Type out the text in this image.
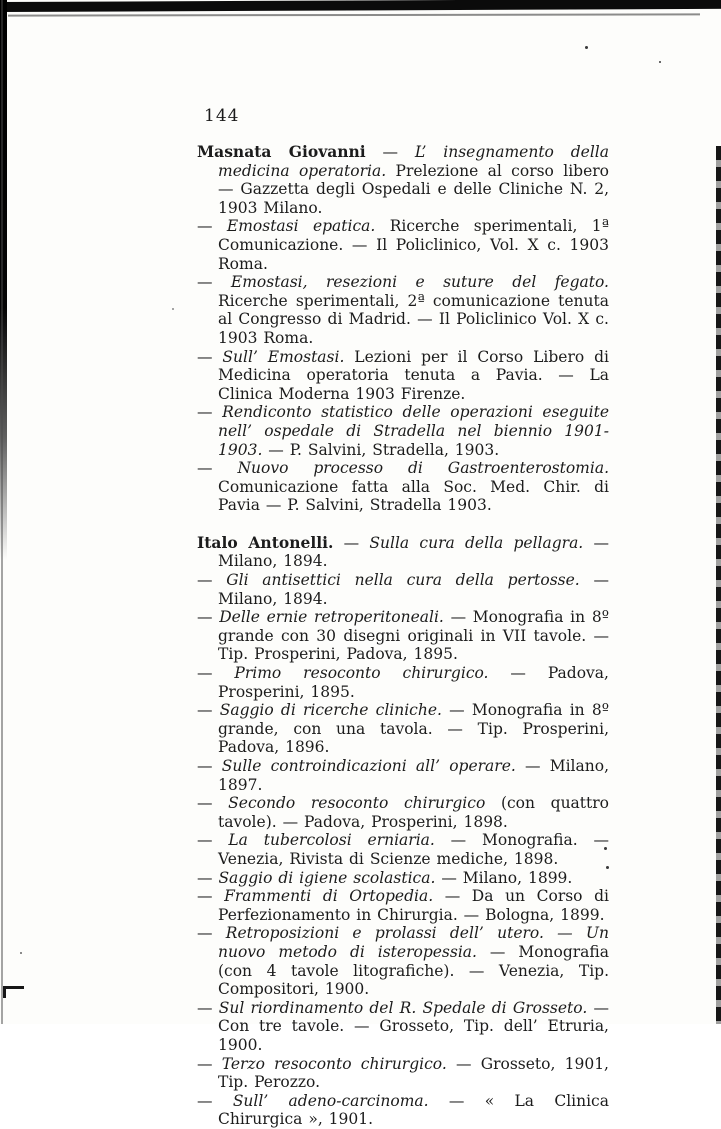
144

Masnata Giovanni — L’ insegnamento della medicina operatoria. Prelezione al corso libero — Gazzetta degli Ospedali e delle Cliniche N. 2, 1903 Milano.

— Emostasi epatica. Ricerche sperimentali, 1ª Comunicazione. — Il Policlinico, Vol. X c. 1903 Roma.

— Emostasi, resezioni e suture del fegato. Ricerche sperimentali, 2ª comunicazione tenuta al Congresso di Madrid. — Il Policlinico Vol. X c. 1903 Roma.

— Sull’ Emostasi. Lezioni per il Corso Libero di Medicina operatoria tenuta a Pavia. — La Clinica Moderna 1903 Firenze.

— Rendiconto statistico delle operazioni eseguite nell’ ospedale di Stradella nel biennio 1901-1903. — P. Salvini, Stradella, 1903.

— Nuovo processo di Gastroenterostomia. Comunicazione fatta alla Soc. Med. Chir. di Pavia — P. Salvini, Stradella 1903.

Italo Antonelli. — Sulla cura della pellagra. — Milano, 1894.

— Gli antisettici nella cura della pertosse. — Milano, 1894.

— Delle ernie retroperitoneali. — Monografia in 8º grande con 30 disegni originali in VII tavole. — Tip. Prosperini, Padova, 1895.

— Primo resoconto chirurgico. — Padova, Prosperini, 1895.

— Saggio di ricerche cliniche. — Monografia in 8º grande, con una tavola. — Tip. Prosperini, Padova, 1896.

— Sulle controindicazioni all’ operare. — Milano, 1897.

— Secondo resoconto chirurgico (con quattro tavole). — Padova, Prosperini, 1898.

— La tubercolosi erniaria. — Monografia. — Venezia, Rivista di Scienze mediche, 1898.

— Saggio di igiene scolastica. — Milano, 1899.

— Frammenti di Ortopedia. — Da un Corso di Perfezionamento in Chirurgia. — Bologna, 1899.

— Retroposizioni e prolassi dell’ utero. — Un nuovo metodo di isteropessia. — Monografia (con 4 tavole litografiche). — Venezia, Tip. Compositori, 1900.

— Sul riordinamento del R. Spedale di Grosseto. — Con tre tavole. — Grosseto, Tip. dell’ Etruria, 1900.

— Terzo resoconto chirurgico. — Grosseto, 1901, Tip. Perozzo.

— Sull’ adeno-carcinoma. — « La Clinica Chirurgica », 1901.
